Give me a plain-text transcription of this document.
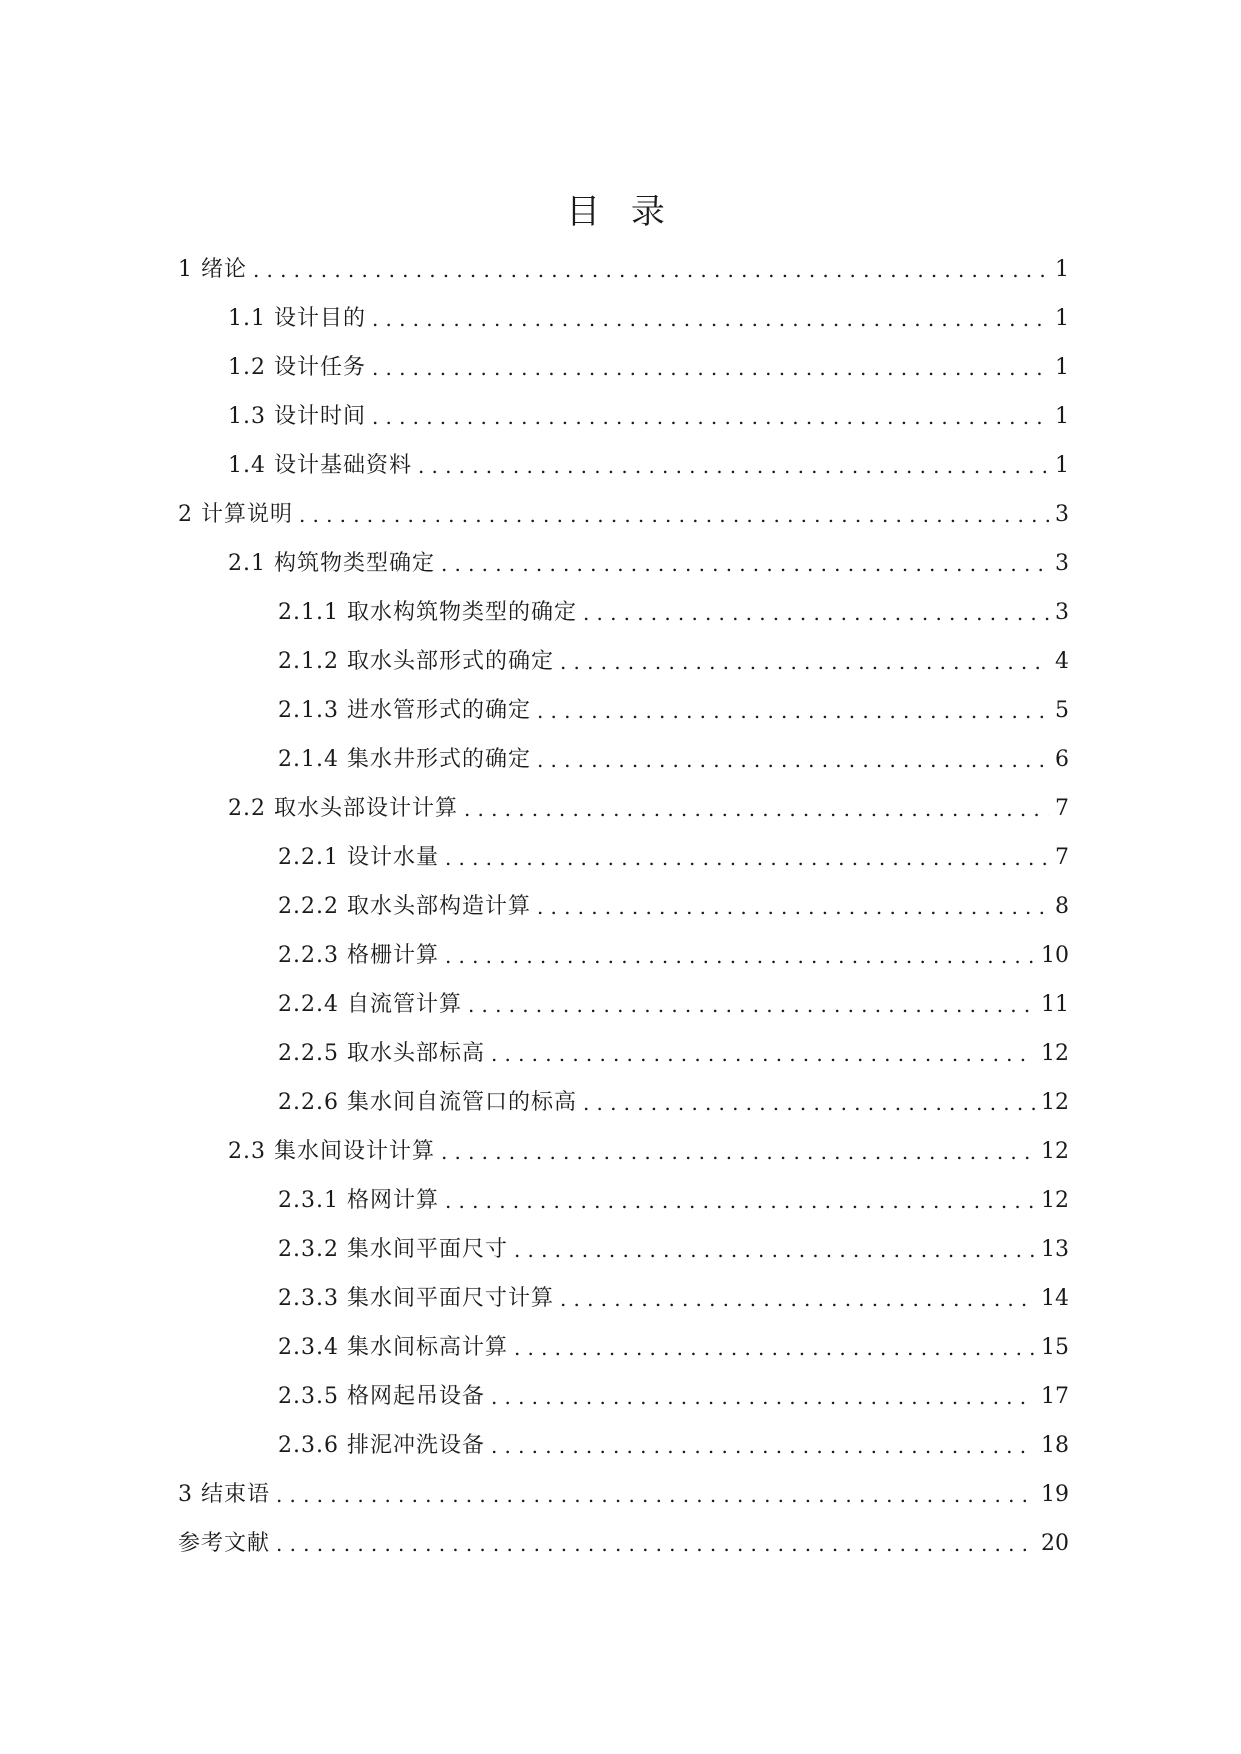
目 录
1 绪论 .....	1
1.1 设计目的 .....	1
1.2 设计任务 .....	1
1.3 设计时间 .....	1
1.4 设计基础资料 .....	1
2 计算说明 .....	3
2.1 构筑物类型确定 .....	3
2.1.1 取水构筑物类型的确定 .....	3
2.1.2 取水头部形式的确定 .....	4
2.1.3 进水管形式的确定 .....	5
2.1.4 集水井形式的确定 .....	6
2.2 取水头部设计计算 .....	7
2.2.1 设计水量 .....	7
2.2.2 取水头部构造计算 .....	8
2.2.3 格栅计算 .....	10
2.2.4 自流管计算 .....	11
2.2.5 取水头部标高 .....	12
2.2.6 集水间自流管口的标高 .....	12
2.3 集水间设计计算 .....	12
2.3.1 格网计算 .....	12
2.3.2 集水间平面尺寸 .....	13
2.3.3 集水间平面尺寸计算 .....	14
2.3.4 集水间标高计算 .....	15
2.3.5 格网起吊设备 .....	17
2.3.6 排泥冲洗设备 .....	18
3 结束语 .....	19
参考文献 .....	20
